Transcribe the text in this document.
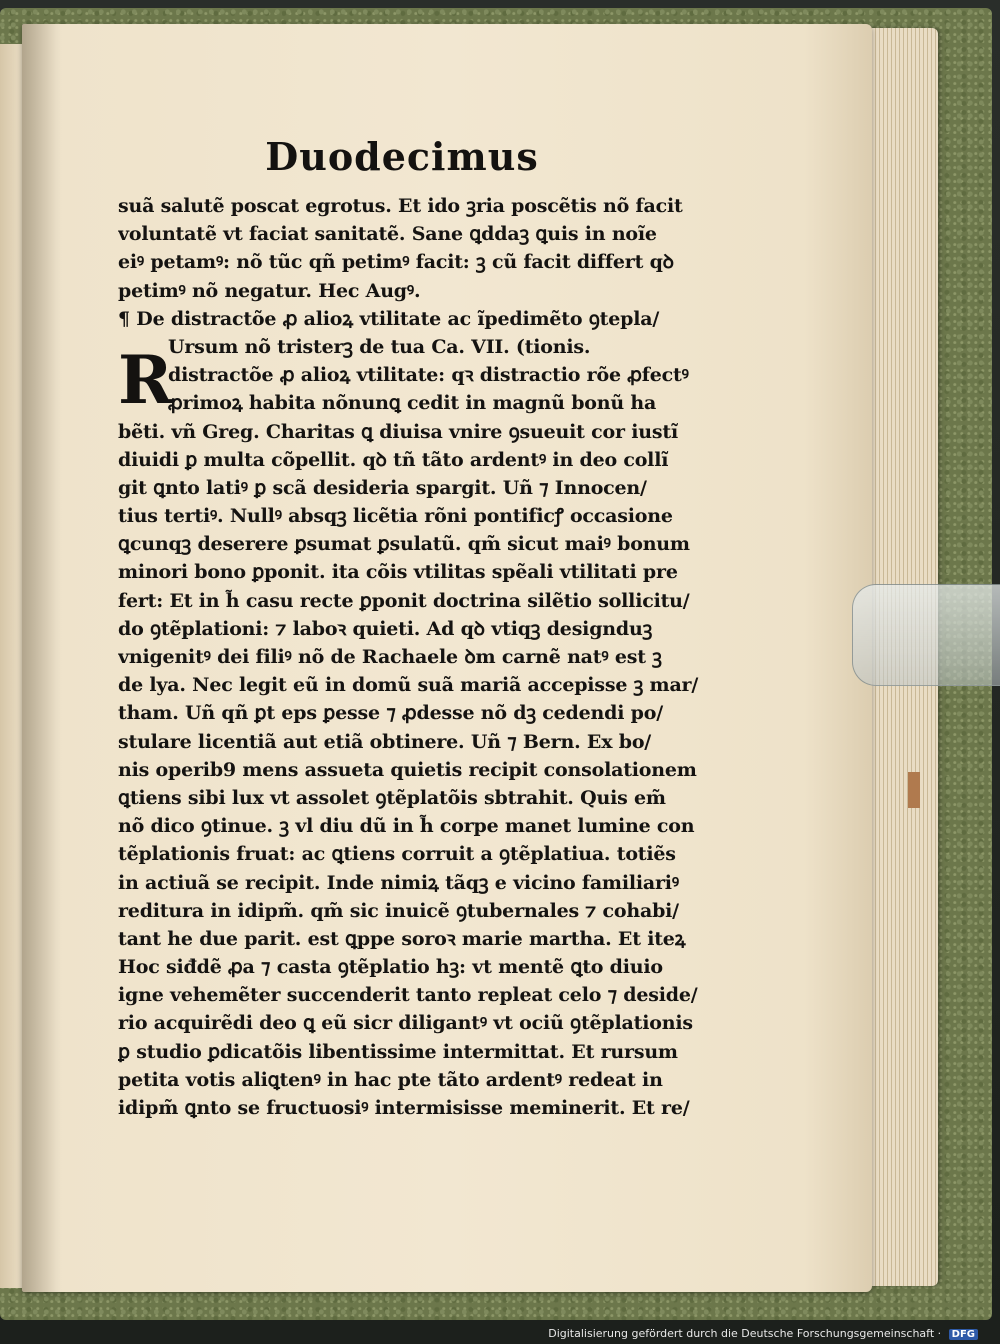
Duodecimus
R
suã salutẽ poscat egrotus. Et ido ꝫria poscẽtis nõ facit
voluntatẽ vt faciat sanitatẽ. Sane ꝗddaꝫ ꝗuis in noĩe
eiꝰ petamꝰ: nõ tũc qñ petimꝰ facit: ꝫ cũ facit differt qꝺ
petimꝰ nõ negatur. Hec Augꝰ.
¶ De distractõe ꝓ alioꝝ vtilitate ac ĩpedimẽto ꝯtepla/
Ursum nõ tristerꝫ de tua Ca. VII. (tionis.
distractõe ꝓ alioꝝ vtilitate: qꝛ distractio rõe ꝓfectꝰ
ꝓrimoꝝ habita nõnunꝗ cedit in magnũ bonũ ha
bẽti. vñ Greg. Charitas ꝗ diuisa vnire ꝯsueuit cor iustĩ
diuidi ꝑ multa cõpellit. qꝺ tñ tãto ardentꝰ in deo collĩ
git ꝗnto latiꝰ ꝑ scã desideria spargit. Uñ ⁊ Innocen/
tius tertiꝰ. Nullꝰ absqꝫ licẽtia rõni pontificꝭ occasione
ꝗcunqꝫ deserere ꝑsumat ꝑsulatũ. qm̃ sicut maiꝰ bonum
minori bono ꝑponit. ita cõis vtilitas spẽali vtilitati pre
fert: Et in h̃ casu recte ꝑponit doctrina silẽtio sollicitu/
do ꝯtẽplationi: ⁊ laboꝛ quieti. Ad qꝺ vtiqꝫ designduꝫ
vnigenitꝰ dei filiꝰ nõ de Rachaele ꝺm carnẽ natꝰ est ꝫ
de lya. Nec legit eũ in domũ suã mariã accepisse ꝫ mar/
tham. Uñ qñ ꝑt eps ꝑesse ⁊ ꝓdesse nõ dꝫ cedendi po/
stulare licentiã aut etiã obtinere. Uñ ⁊ Bern. Ex bo/
nis operib9 mens assueta quietis recipit consolationem
ꝗtiens sibi lux vt assolet ꝯtẽplatõis sbtrahit. Quis em̃
nõ dico ꝯtinue. ꝫ vl diu dũ in h̃ corpe manet lumine con
tẽplationis fruat: ac ꝗtiens corruit a ꝯtẽplatiua. totiẽs
in actiuã se recipit. Inde nimiꝝ tãqꝫ e vicino familiariꝰ
reditura in idipm̃. qm̃ sic inuicẽ ꝯtubernales ⁊ cohabi/
tant he due parit. est ꝗppe soroꝛ marie martha. Et iteꝝ
Hoc siđdẽ ꝓa ⁊ casta ꝯtẽplatio hꝫ: vt mentẽ ꝗto diuio
igne vehemẽter succenderit tanto repleat celo ⁊ deside/
rio acquirẽdi deo ꝗ eũ sicr diligantꝰ vt ociũ ꝯtẽplationis
ꝑ studio ꝑdicatõis libentissime intermittat. Et rursum
petita votis aliꝗtenꝰ in hac pte tãto ardentꝰ redeat in
idipm̃ ꝗnto se fructuosiꝰ intermisisse meminerit. Et re/
Digitalisierung gefördert durch die Deutsche Forschungsgemeinschaft · DFG
